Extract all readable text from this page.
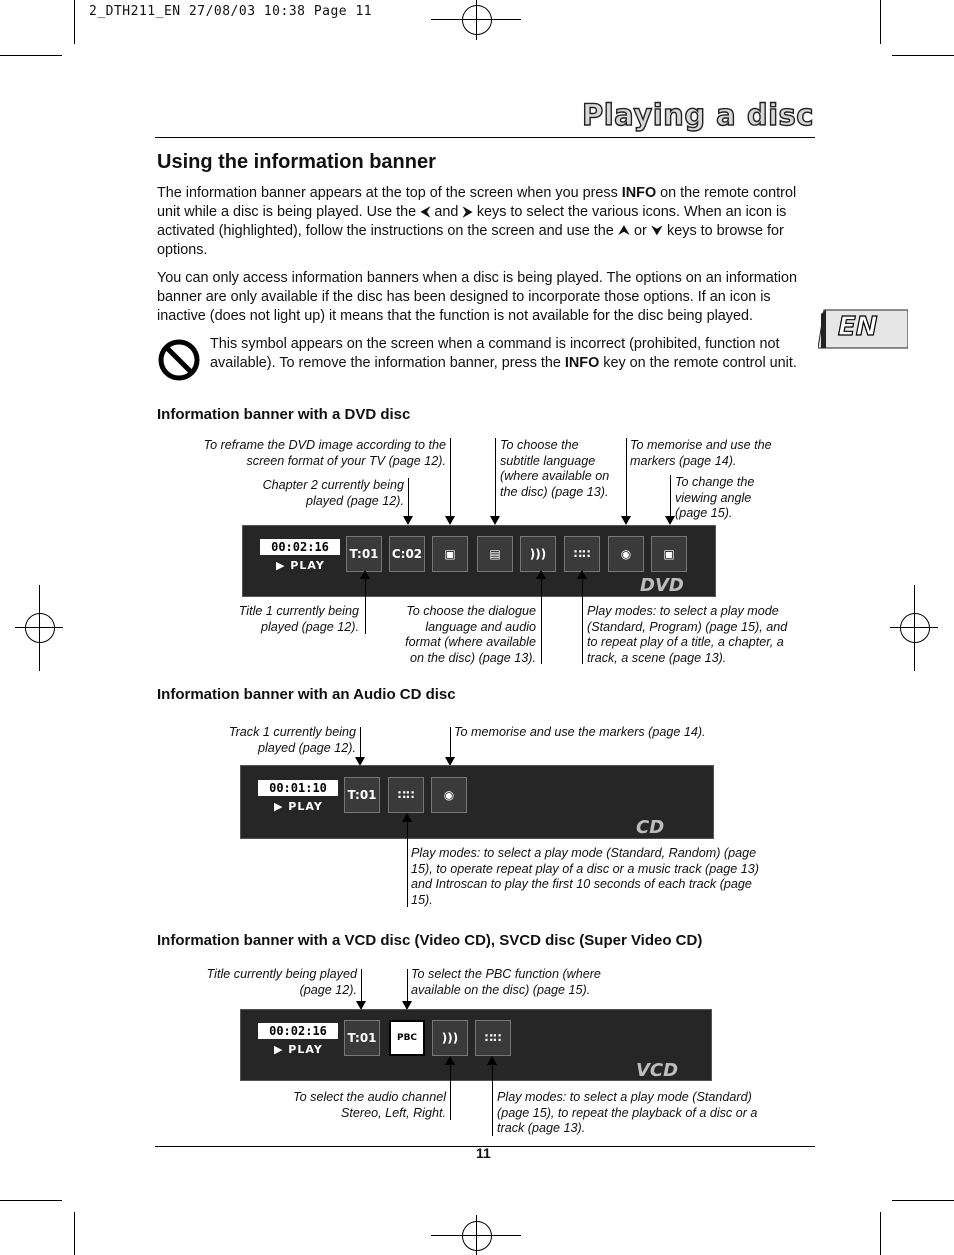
2_DTH211_EN 27/08/03 10:38 Page 11
Playing a disc
Using the information banner
The information banner appears at the top of the screen when you press INFO on the remote control unit while a disc is being played. Use the ⮜ and ⮞ keys to select the various icons. When an icon is activated (highlighted), follow the instructions on the screen and use the ⮝ or ⮟ keys to browse for options.
You can only access information banners when a disc is being played. The options on an information banner are only available if the disc has been designed to incorporate those options. If an icon is inactive (does not light up) it means that the function is not available for the disc being played.
This symbol appears on the screen when a command is incorrect (prohibited, function not available). To remove the information banner, press the INFO key on the remote control unit.
EN
Information banner with a DVD disc
To reframe the DVD image according to the screen format of your TV (page 12).
Chapter 2 currently being played (page 12).
To choose the subtitle language (where available on the disc) (page 13).
To memorise and use the markers (page 14).
To change the viewing angle (page 15).
00:02:16
▶ PLAY
T:01 C:02	▣	▤	)))	∷∷	◉	▣
DVD
Title 1 currently being played (page 12).
To choose the dialogue language and audio format (where available on the disc) (page 13).
Play modes: to select a play mode (Standard, Program) (page 15), and to repeat play of a title, a chapter, a track, a scene (page 13).
Information banner with an Audio CD disc
Track 1 currently being played (page 12).
To memorise and use the markers (page 14).
00:01:10
▶ PLAY
T:01	∷∷	◉
CD
Play modes: to select a play mode (Standard, Random) (page 15), to operate repeat play of a disc or a music track (page 13) and Introscan to play the first 10 seconds of each track (page 15).
Information banner with a VCD disc (Video CD), SVCD disc (Super Video CD)
Title currently being played (page 12).
To select the PBC function (where available on the disc) (page 15).
00:02:16
▶ PLAY
T:01	PBC	)))	∷∷
VCD
To select the audio channel Stereo, Left, Right.
Play modes: to select a play mode (Standard) (page 15), to repeat the playback of a disc or a track (page 13).
11
